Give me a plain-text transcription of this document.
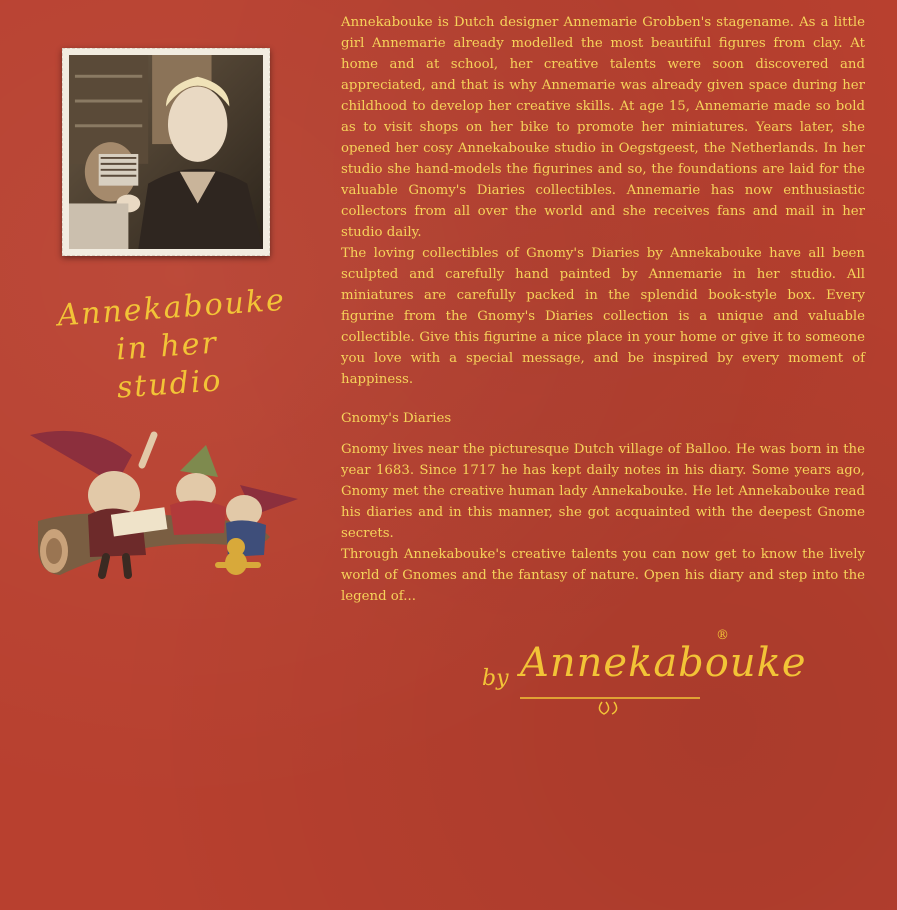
Annekabouke
in her studio

Annekabouke is Dutch designer Annemarie Grobben's stagename. As a little girl Annemarie already modelled the most beautiful figures from clay. At home and at school, her creative talents were soon discovered and appreciated, and that is why Annemarie was already given space during her childhood to develop her creative skills. At age 15, Annemarie made so bold as to visit shops on her bike to promote her miniatures. Years later, she opened her cosy Annekabouke studio in Oegstgeest, the Netherlands. In her studio she hand-models the figurines and so, the foundations are laid for the valuable Gnomy's Diaries collectibles. Annemarie has now enthusiastic collectors from all over the world and she receives fans and mail in her studio daily.

The loving collectibles of Gnomy's Diaries by Annekabouke have all been sculpted and carefully hand painted by Annemarie in her studio. All miniatures are carefully packed in the splendid book-style box. Every figurine from the Gnomy's Diaries collection is a unique and valuable collectible. Give this figurine a nice place in your home or give it to someone you love with a special message, and be inspired by every moment of happiness.

Gnomy's Diaries

Gnomy lives near the picturesque Dutch village of Balloo. He was born in the year 1683. Since 1717 he has kept daily notes in his diary. Some years ago, Gnomy met the creative human lady Annekabouke. He let Annekabouke read his diaries and in this manner, she got acquainted with the deepest Gnome secrets.

Through Annekabouke's creative talents you can now get to know the lively world of Gnomes and the fantasy of nature. Open his diary and step into the legend of...

by Annekabouke
®
